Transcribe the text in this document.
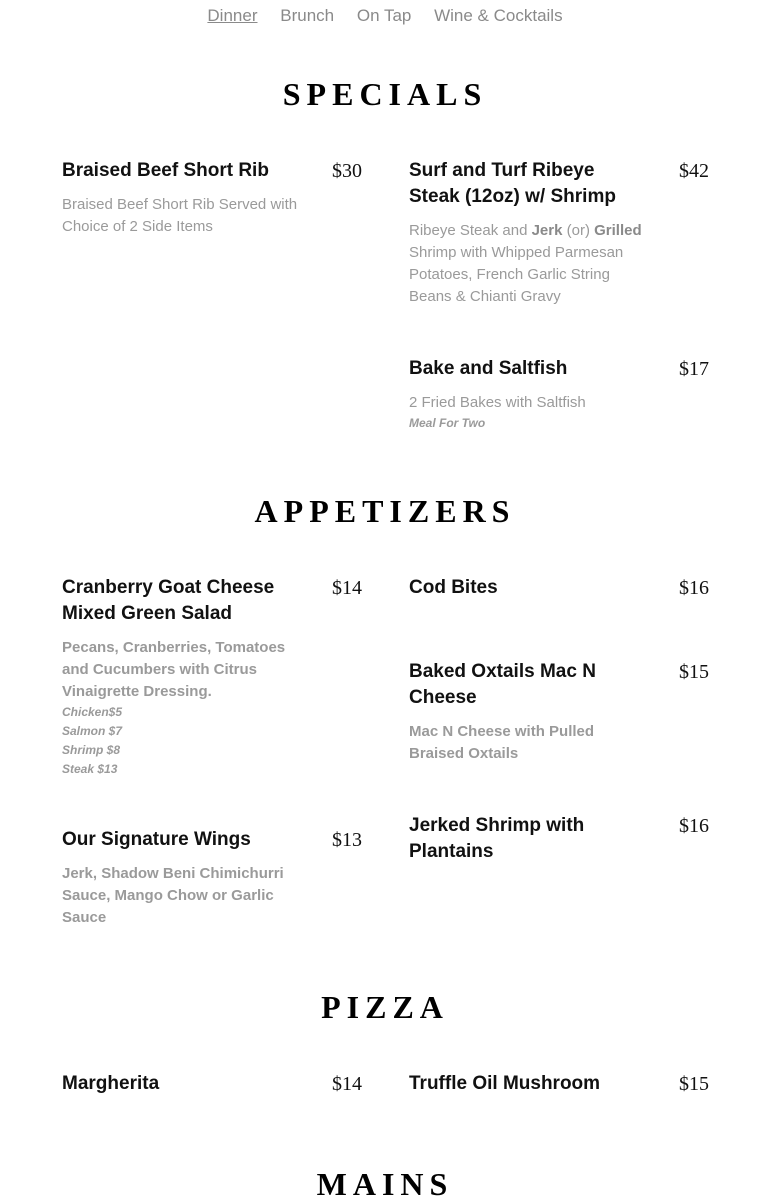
Dinner Brunch On Tap Wine & Cocktails
SPECIALS
Braised Beef Short Rib	$30
Braised Beef Short Rib Served with Choice of 2 Side Items
Surf and Turf Ribeye Steak (12oz) w/ Shrimp
$42
Ribeye Steak and Jerk (or) Grilled Shrimp with Whipped Parmesan Potatoes, French Garlic String Beans & Chianti Gravy
Bake and Saltfish	$17
2 Fried Bakes with Saltfish
Meal For Two
APPETIZERS
Cranberry Goat Cheese Mixed Green Salad
$14
Pecans, Cranberries, Tomatoes and Cucumbers with Citrus Vinaigrette Dressing.
Chicken$5
Salmon $7
Shrimp $8
Steak $13
Cod Bites	$16
Baked Oxtails Mac N Cheese
$15
Mac N Cheese with Pulled Braised Oxtails
Our Signature Wings	$13
Jerk, Shadow Beni Chimichurri Sauce, Mango Chow or Garlic Sauce
Jerked Shrimp with Plantains
$16
PIZZA
Margherita	$14 Truffle Oil Mushroom	$15
MAINS
